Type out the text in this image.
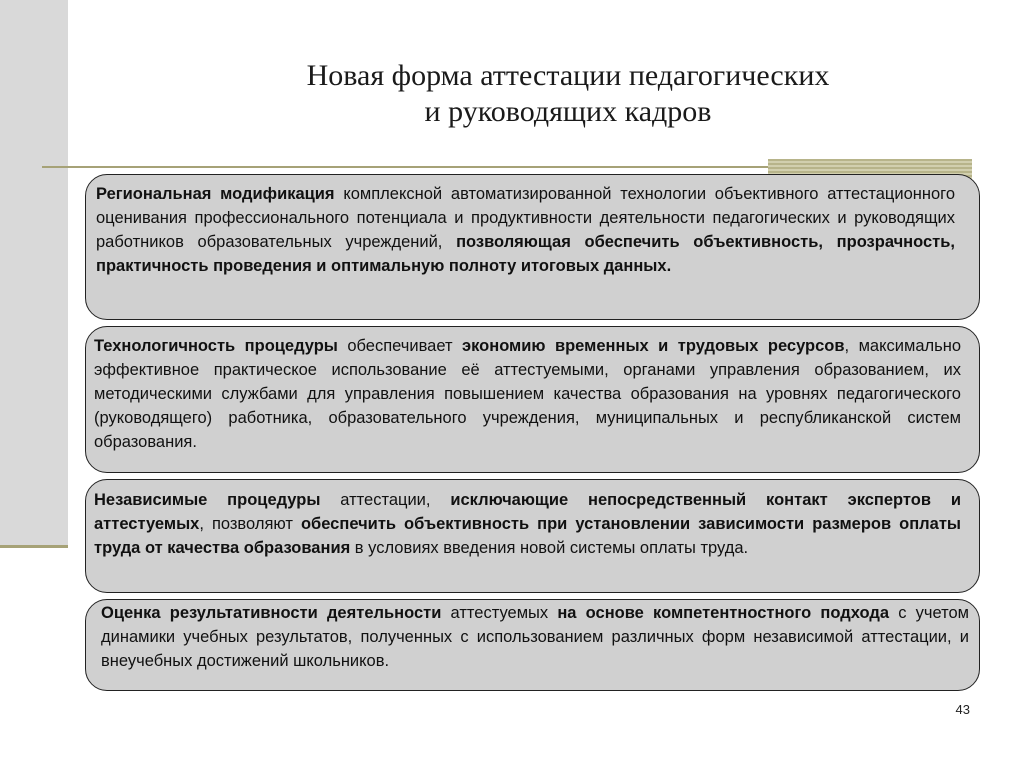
Новая форма аттестации педагогических
и руководящих кадров

Региональная модификация комплексной автоматизированной технологии объективного аттестационного оценивания профессионального потенциала и продуктивности деятельности педагогических и руководящих работников образовательных учреждений, позволяющая обеспечить объективность, прозрачность, практичность проведения и оптимальную полноту итоговых данных.

Технологичность процедуры обеспечивает экономию временных и трудовых ресурсов, максимально эффективное практическое использование её аттестуемыми, органами управления образованием, их методическими службами для управления повышением качества образования на уровнях педагогического (руководящего) работника, образовательного учреждения, муниципальных и республиканской систем образования.

Независимые процедуры аттестации, исключающие непосредственный контакт экспертов и аттестуемых, позволяют обеспечить объективность при установлении зависимости размеров оплаты труда от качества образования в условиях введения новой системы оплаты труда.

Оценка результативности деятельности аттестуемых на основе компетентностного подхода с учетом динамики учебных результатов, полученных с использованием различных форм независимой аттестации, и внеучебных достижений школьников.

43
